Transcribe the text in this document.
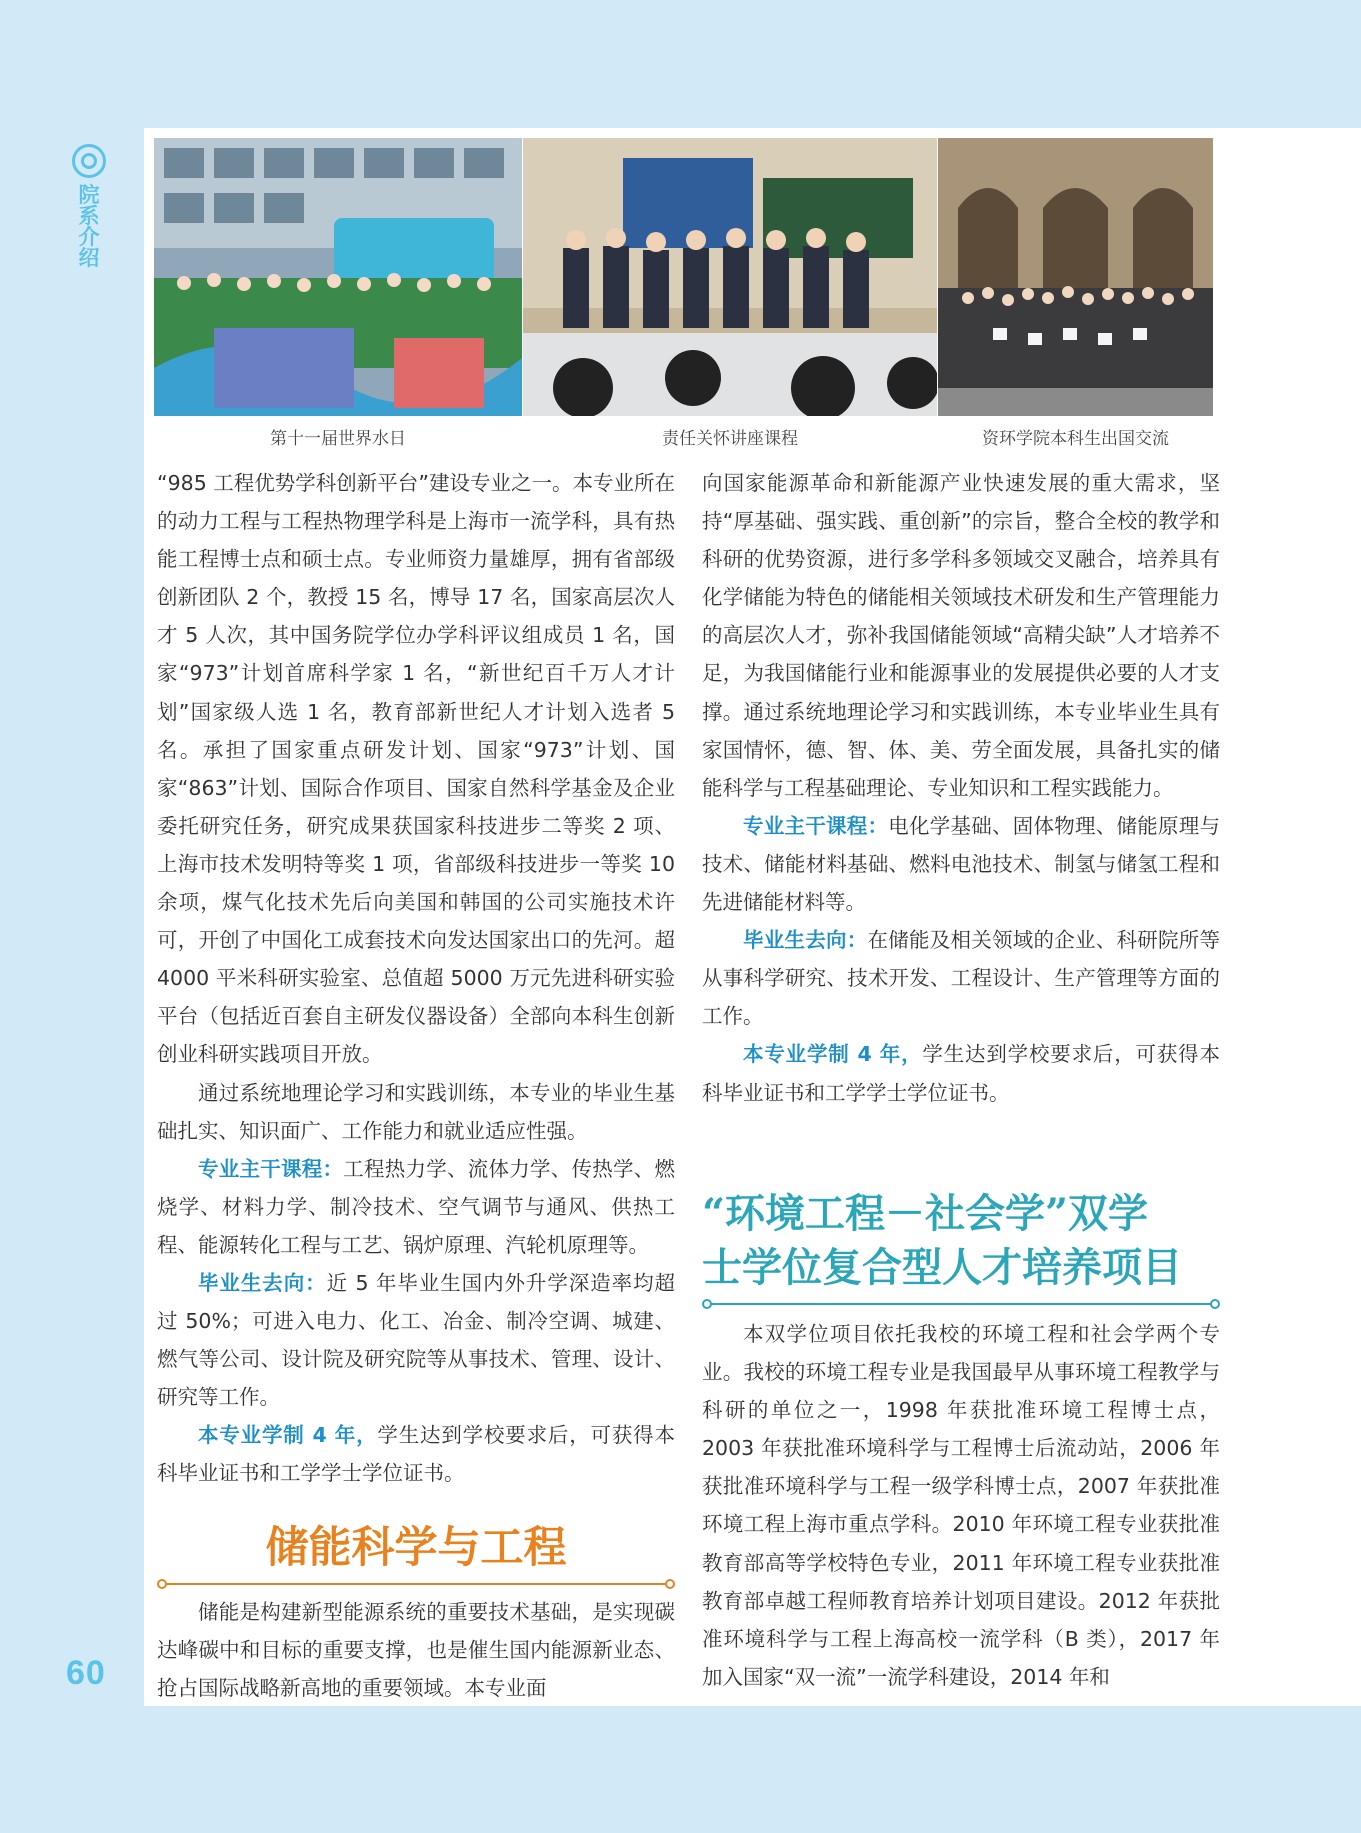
院系介绍
第十一届世界水日	责任关怀讲座课程	资环学院本科生出国交流

“985 工程优势学科创新平台”建设专业之一。本专业所在的动力工程与工程热物理学科是上海市一流学科，具有热能工程博士点和硕士点。专业师资力量雄厚，拥有省部级创新团队 2 个，教授 15 名，博导 17 名，国家高层次人才 5 人次，其中国务院学位办学科评议组成员 1 名，国家“973”计划首席科学家 1 名，“新世纪百千万人才计划”国家级人选 1 名，教育部新世纪人才计划入选者 5 名。承担了国家重点研发计划、国家“973”计划、国家“863”计划、国际合作项目、国家自然科学基金及企业委托研究任务，研究成果获国家科技进步二等奖 2 项、上海市技术发明特等奖 1 项，省部级科技进步一等奖 10 余项，煤气化技术先后向美国和韩国的公司实施技术许可，开创了中国化工成套技术向发达国家出口的先河。超 4000 平米科研实验室、总值超 5000 万元先进科研实验平台（包括近百套自主研发仪器设备）全部向本科生创新创业科研实践项目开放。

通过系统地理论学习和实践训练，本专业的毕业生基础扎实、知识面广、工作能力和就业适应性强。

专业主干课程：工程热力学、流体力学、传热学、燃烧学、材料力学、制冷技术、空气调节与通风、供热工程、能源转化工程与工艺、锅炉原理、汽轮机原理等。

毕业生去向：近 5 年毕业生国内外升学深造率均超过 50%；可进入电力、化工、冶金、制冷空调、城建、燃气等公司、设计院及研究院等从事技术、管理、设计、研究等工作。

本专业学制 4 年，学生达到学校要求后，可获得本科毕业证书和工学学士学位证书。

储能科学与工程

储能是构建新型能源系统的重要技术基础，是实现碳达峰碳中和目标的重要支撑，也是催生国内能源新业态、抢占国际战略新高地的重要领域。本专业面

向国家能源革命和新能源产业快速发展的重大需求，坚持“厚基础、强实践、重创新”的宗旨，整合全校的教学和科研的优势资源，进行多学科多领域交叉融合，培养具有化学储能为特色的储能相关领域技术研发和生产管理能力的高层次人才，弥补我国储能领域“高精尖缺”人才培养不足，为我国储能行业和能源事业的发展提供必要的人才支撑。通过系统地理论学习和实践训练，本专业毕业生具有家国情怀，德、智、体、美、劳全面发展，具备扎实的储能科学与工程基础理论、专业知识和工程实践能力。

专业主干课程：电化学基础、固体物理、储能原理与技术、储能材料基础、燃料电池技术、制氢与储氢工程和先进储能材料等。

毕业生去向：在储能及相关领域的企业、科研院所等从事科学研究、技术开发、工程设计、生产管理等方面的工作。

本专业学制 4 年，学生达到学校要求后，可获得本科毕业证书和工学学士学位证书。

“环境工程－社会学”双学
士学位复合型人才培养项目

本双学位项目依托我校的环境工程和社会学两个专业。我校的环境工程专业是我国最早从事环境工程教学与科研的单位之一，1998 年获批准环境工程博士点，2003 年获批准环境科学与工程博士后流动站，2006 年获批准环境科学与工程一级学科博士点，2007 年获批准环境工程上海市重点学科。2010 年环境工程专业获批准教育部高等学校特色专业，2011 年环境工程专业获批准教育部卓越工程师教育培养计划项目建设。2012 年获批准环境科学与工程上海高校一流学科（B 类），2017 年加入国家“双一流”一流学科建设，2014 年和

60
